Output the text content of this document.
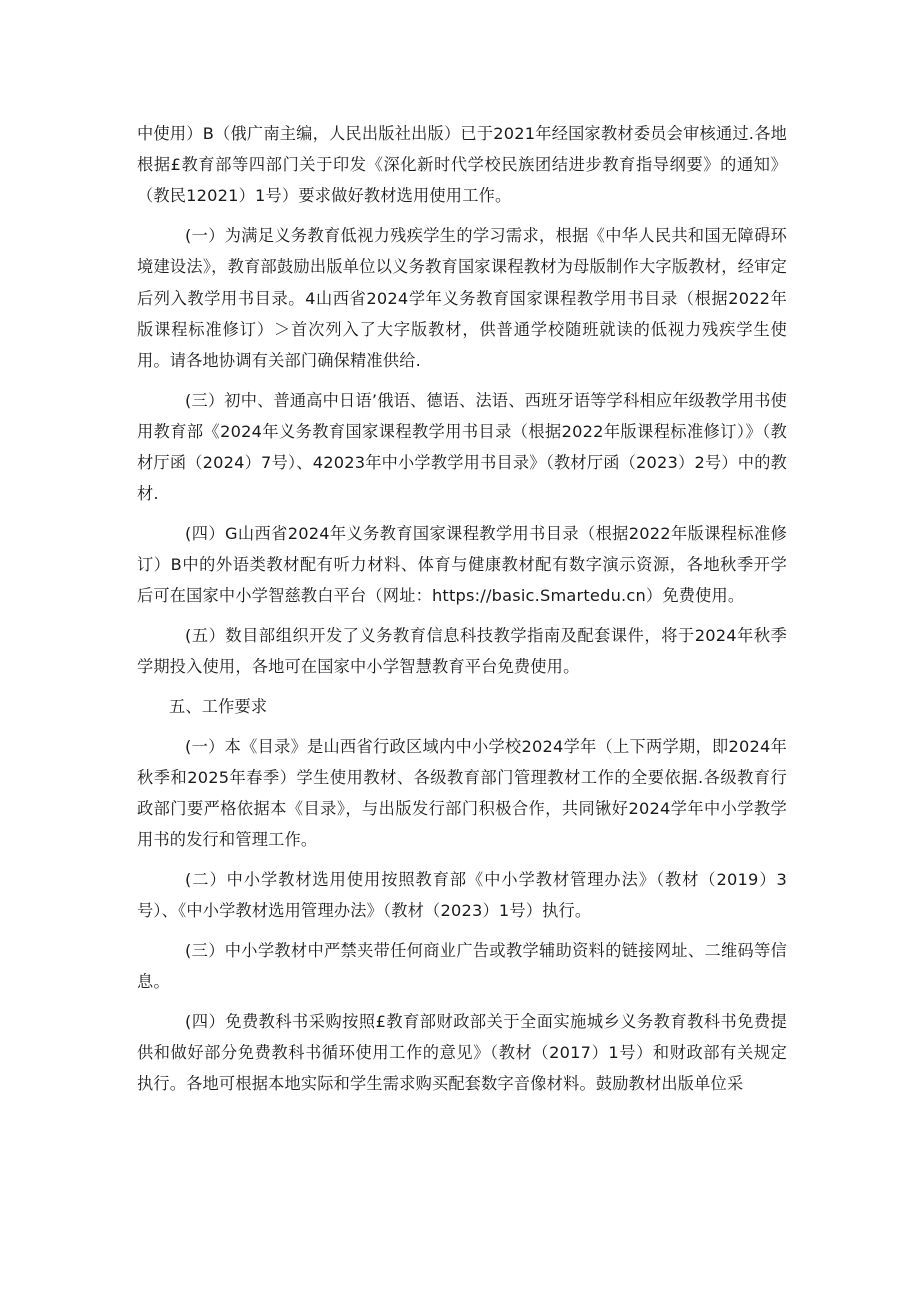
中使用）B（俄广南主编，人民出版社出版）已于2021年经国家教材委员会审核通过.各地根据£教育部等四部门关于印发《深化新时代学校民族团结进步教育指导纲要》的通知》（教民12021）1号）要求做好教材选用使用工作。

(一）为满足义务教育低视力残疾学生的学习需求，根据《中华人民共和国无障碍环境建设法》，教育部鼓励出版单位以义务教育国家课程教材为母版制作大字版教材，经审定后列入教学用书目录。4山西省2024学年义务教育国家课程教学用书目录（根据2022年版课程标准修订）＞首次列入了大字版教材，供普通学校随班就读的低视力残疾学生使用。请各地协调有关部门确保精准供给.

(三）初中、普通高中日语’俄语、德语、法语、西班牙语等学科相应年级教学用书使用教育部《2024年义务教育国家课程教学用书目录（根据2022年版课程标准修订）》（教材厅函（2024）7号）、42023年中小学教学用书目录》（教材厅函（2023）2号）中的教材.

(四）G山西省2024年义务教育国家课程教学用书目录（根据2022年版课程标准修订）B中的外语类教材配有听力材料、体育与健康教材配有数字演示资源，各地秋季开学后可在国家中小学智慈教白平台（网址：https://basic.Smartedu.cn）免费使用。

(五）数目部组织开发了义务教育信息科技教学指南及配套课件，将于2024年秋季学期投入使用，各地可在国家中小学智慧教育平台免费使用。

五、工作要求

(一）本《目录》是山西省行政区域内中小学校2024学年（上下两学期，即2024年秋季和2025年春季）学生使用教材、各级教育部门管理教材工作的全要依据.各级教育行政部门要严格依据本《目录》，与出版发行部门积极合作，共同锹好2024学年中小学教学用书的发行和管理工作。

(二）中小学教材选用使用按照教育部《中小学教材管理办法》（教材（2019）3号）、《中小学教材选用管理办法》（教材（2023）1号）执行。

(三）中小学教材中严禁夹带任何商业广告或教学辅助资料的链接网址、二维码等信息。

(四）免费教科书采购按照£教育部财政部关于全面实施城乡义务教育教科书免费提供和做好部分免费教科书循环使用工作的意见》（教材（2017）1号）和财政部有关规定执行。各地可根据本地实际和学生需求购买配套数字音像材料。鼓励教材出版单位采
